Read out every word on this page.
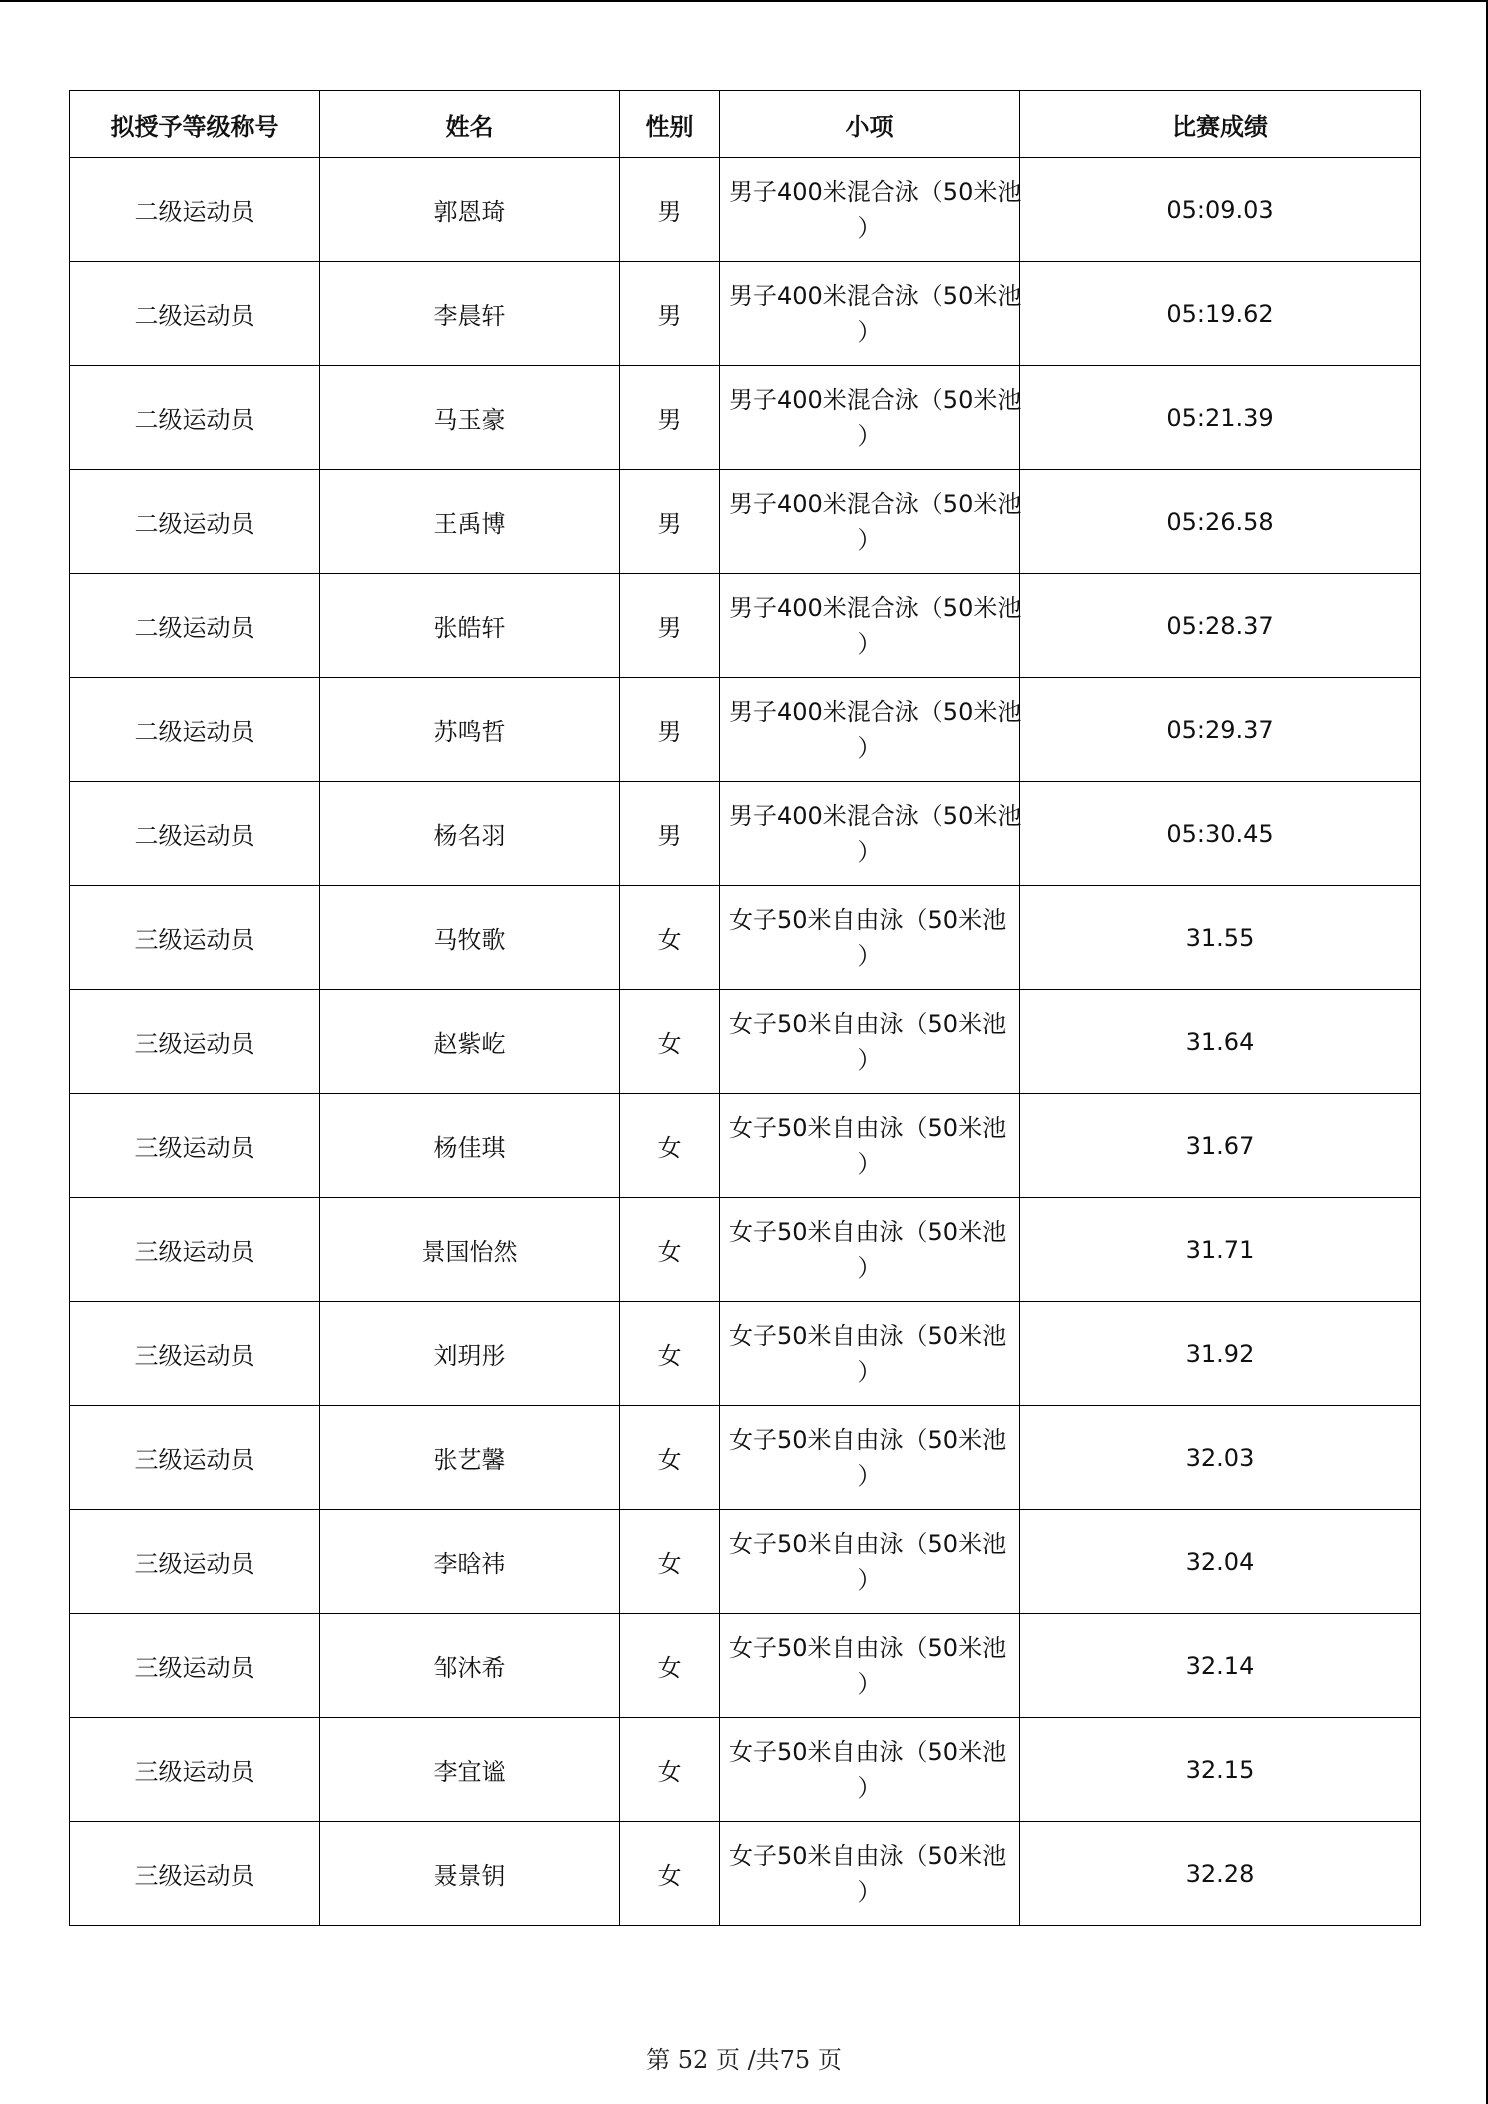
拟授予等级称号	姓名	性别	小项	比赛成绩
二级运动员	郭恩琦	男	男子400米混合泳（50米池
）	05:09.03
二级运动员	李晨轩	男	男子400米混合泳（50米池
）	05:19.62
二级运动员	马玉豪	男	男子400米混合泳（50米池
）	05:21.39
二级运动员	王禹博	男	男子400米混合泳（50米池
）	05:26.58
二级运动员	张皓轩	男	男子400米混合泳（50米池
）	05:28.37
二级运动员	苏鸣哲	男	男子400米混合泳（50米池
）	05:29.37
二级运动员	杨名羽	男	男子400米混合泳（50米池
）	05:30.45
三级运动员	马牧歌	女	女子50米自由泳（50米池
）	31.55
三级运动员	赵紫屹	女	女子50米自由泳（50米池
）	31.64
三级运动员	杨佳琪	女	女子50米自由泳（50米池
）	31.67
三级运动员	景国怡然	女	女子50米自由泳（50米池
）	31.71
三级运动员	刘玥彤	女	女子50米自由泳（50米池
）	31.92
三级运动员	张艺馨	女	女子50米自由泳（50米池
）	32.03
三级运动员	李晗祎	女	女子50米自由泳（50米池
）	32.04
三级运动员	邹沐希	女	女子50米自由泳（50米池
）	32.14
三级运动员	李宜谧	女	女子50米自由泳（50米池
）	32.15
三级运动员	聂景钥	女	女子50米自由泳（50米池
）	32.28
第 52 页 /共75 页
